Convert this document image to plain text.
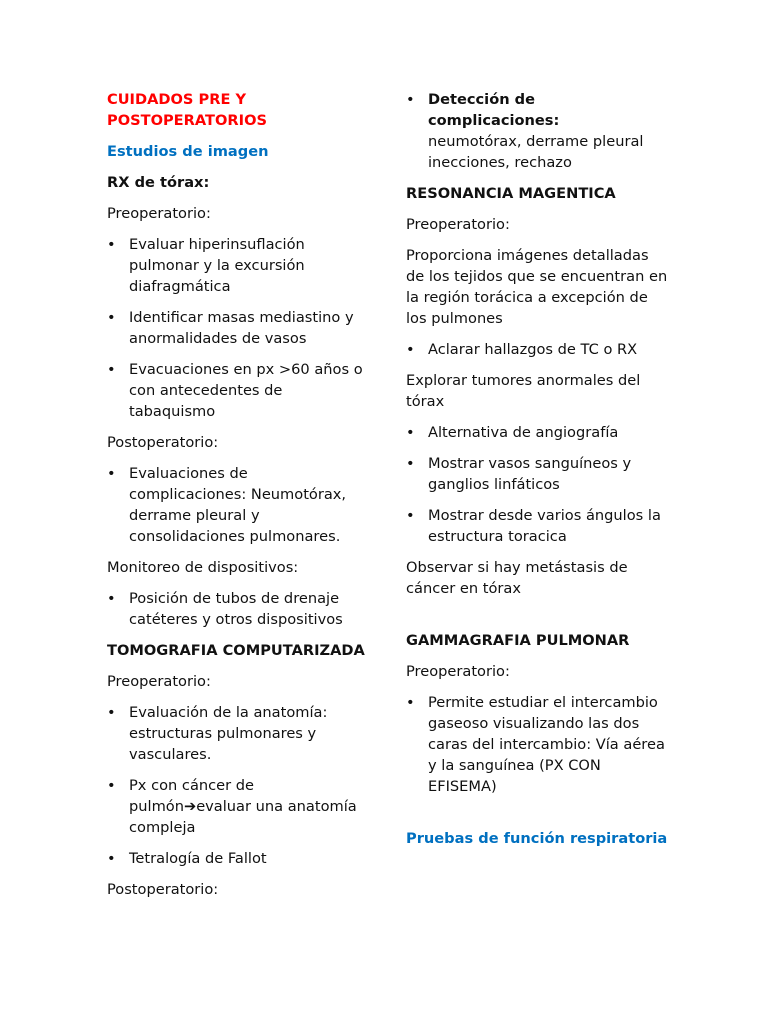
CUIDADOS PRE Y POSTOPERATORIOS

Estudios de imagen

RX de tórax:

Preoperatorio:

• Evaluar hiperinsuflación pulmonar y la excursión diafragmática
• Identificar masas mediastino y anormalidades de vasos
• Evacuaciones en px >60 años o con antecedentes de tabaquismo

Postoperatorio:

• Evaluaciones de complicaciones: Neumotórax, derrame pleural y consolidaciones pulmonares.

Monitoreo de dispositivos:

• Posición de tubos de drenaje catéteres y otros dispositivos

TOMOGRAFIA COMPUTARIZADA

Preoperatorio:

• Evaluación de la anatomía: estructuras pulmonares y vasculares.
• Px con cáncer de pulmón➔evaluar una anatomía compleja
• Tetralogía de Fallot

Postoperatorio:

• Detección de complicaciones:
neumotórax, derrame pleural inecciones, rechazo

RESONANCIA MAGENTICA

Preoperatorio:

Proporciona imágenes detalladas de los tejidos que se encuentran en la región torácica a excepción de los pulmones

• Aclarar hallazgos de TC o RX

Explorar tumores anormales del tórax

• Alternativa de angiografía
• Mostrar vasos sanguíneos y ganglios linfáticos
• Mostrar desde varios ángulos la estructura toracica

Observar si hay metástasis de cáncer en tórax

GAMMAGRAFIA PULMONAR

Preoperatorio:

• Permite estudiar el intercambio gaseoso visualizando las dos caras del intercambio: Vía aérea y la sanguínea (PX CON EFISEMA)

Pruebas de función respiratoria
